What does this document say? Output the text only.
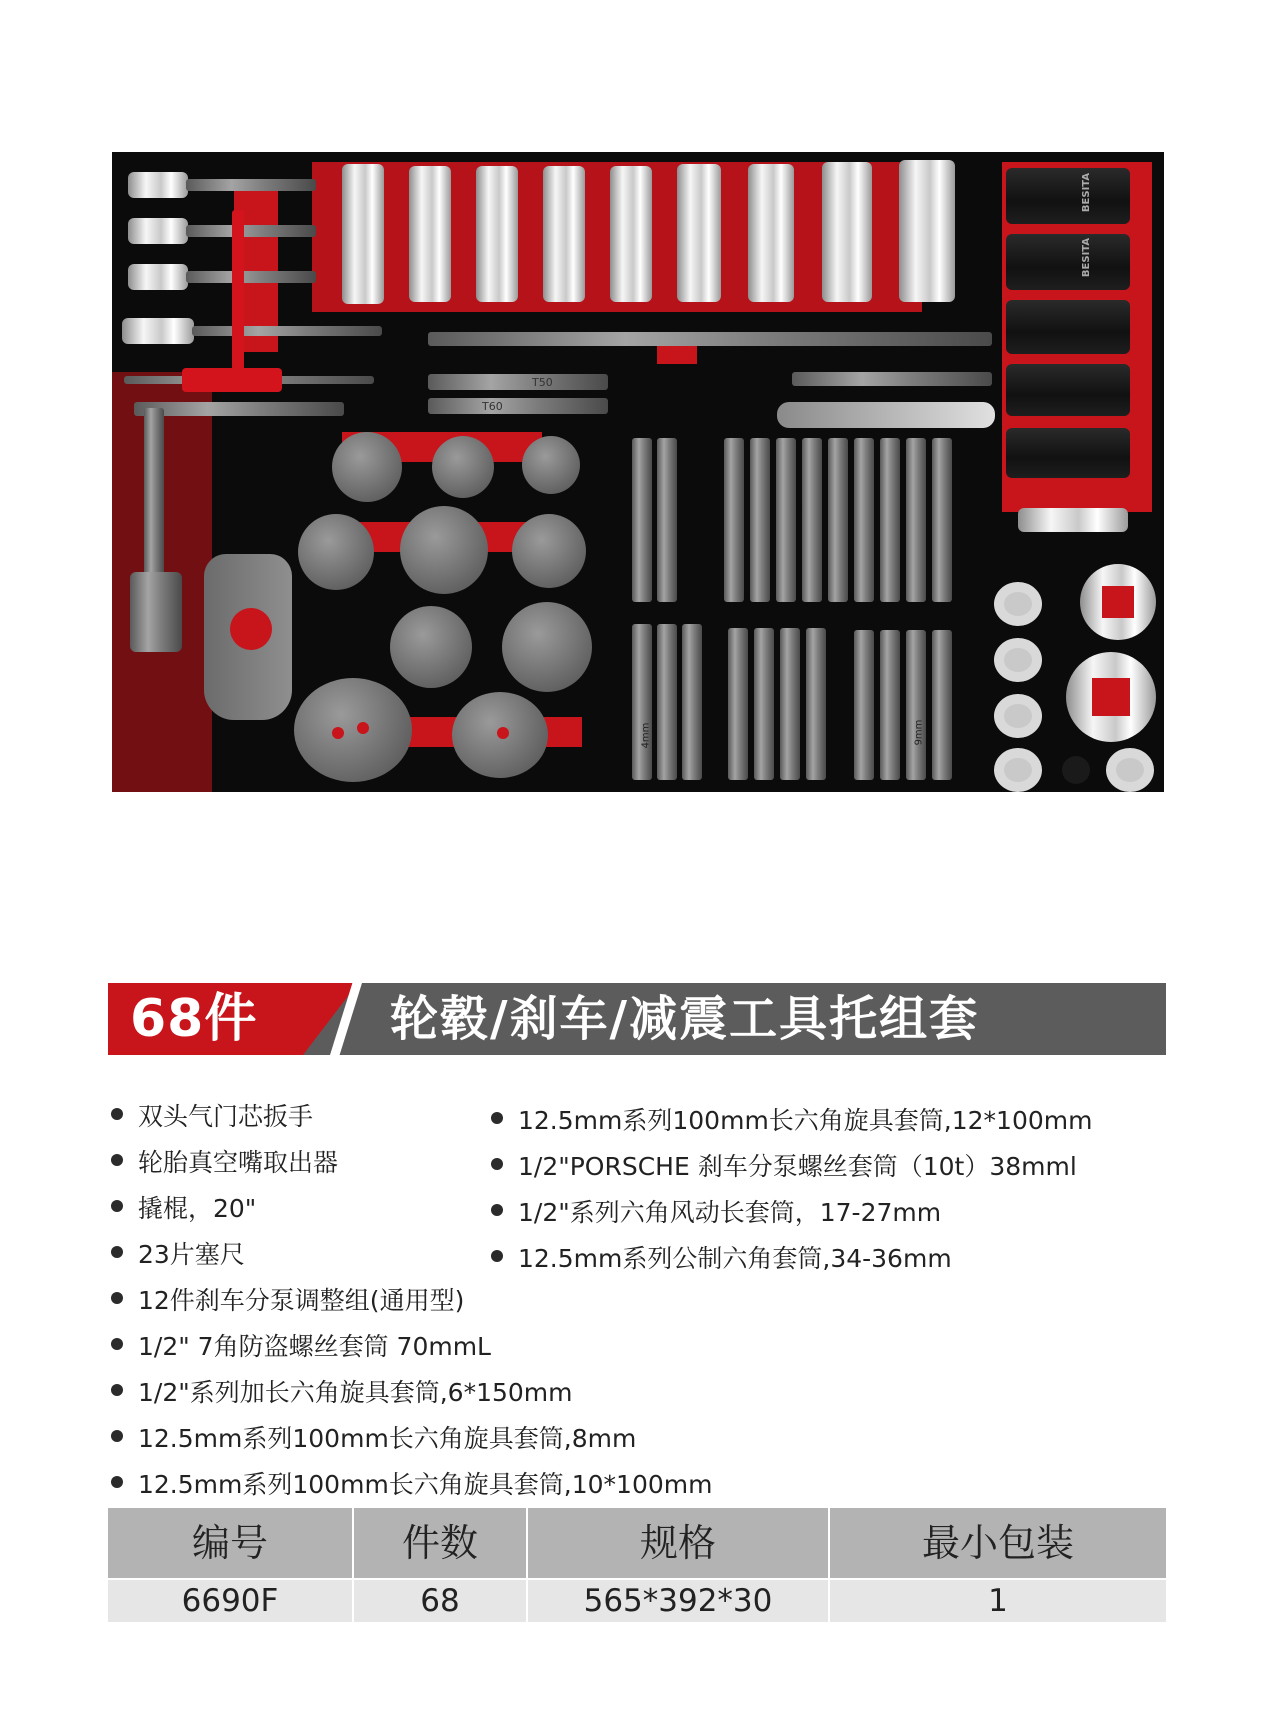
BESITA
BESITA
T50
T60
4mm	9mm
68件	轮毂/刹车/减震工具托组套
双头气门芯扳手
轮胎真空嘴取出器
撬棍，20"
23片塞尺
12件刹车分泵调整组(通用型)
1/2" 7角防盗螺丝套筒 70mmL
1/2"系列加长六角旋具套筒,6*150mm
12.5mm系列100mm长六角旋具套筒,8mm
12.5mm系列100mm长六角旋具套筒,10*100mm
12.5mm系列100mm长六角旋具套筒,12*100mm
1/2"PORSCHE 刹车分泵螺丝套筒（10t）38mml
1/2"系列六角风动长套筒，17-27mm
12.5mm系列公制六角套筒,34-36mm
编号	件数	规格	最小包装
6690F	68	565*392*30	1
